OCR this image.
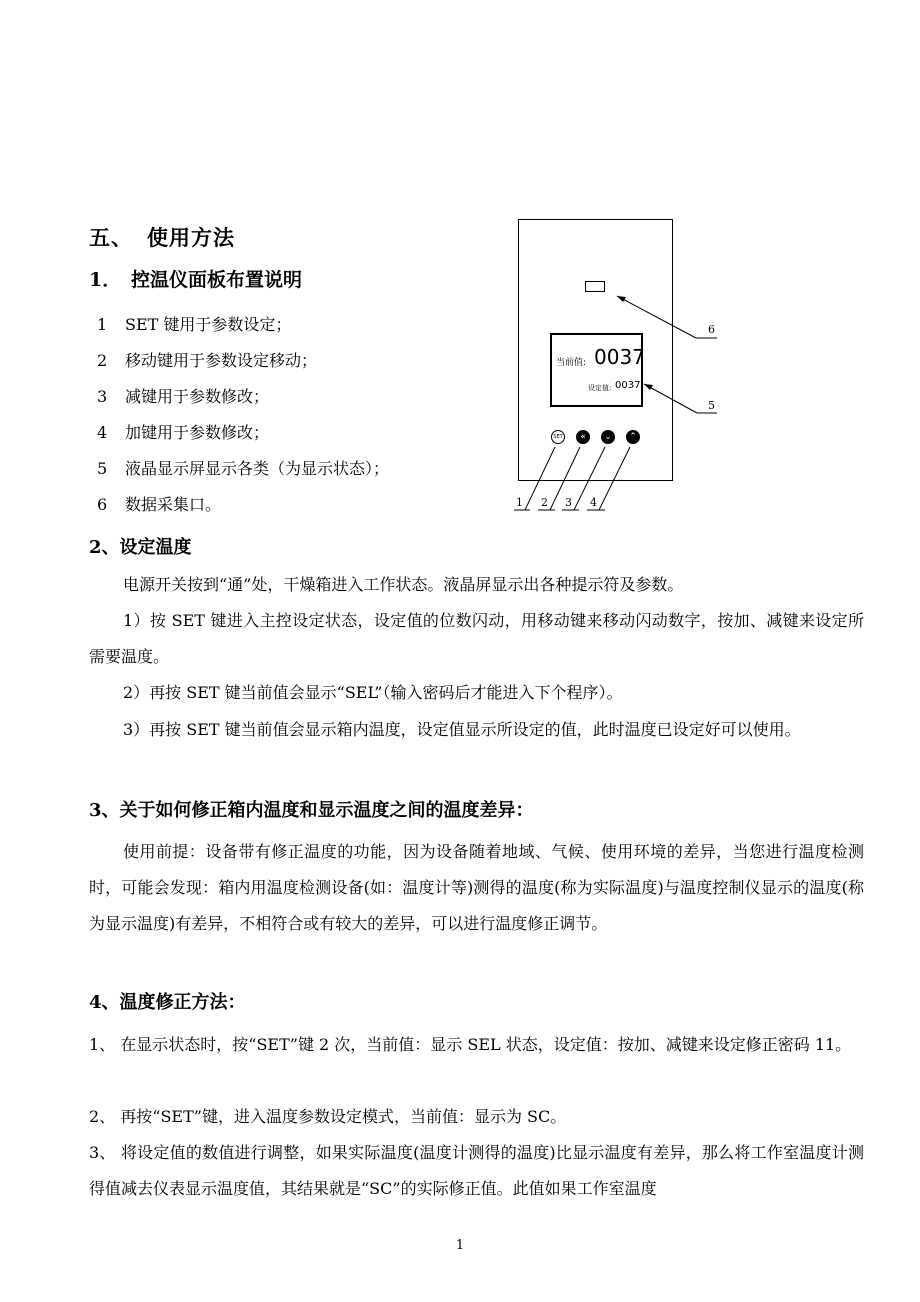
五、 使用方法
1． 控温仪面板布置说明
1 SET 键用于参数设定；
2 移动键用于参数设定移动；
3 减键用于参数修改；
4 加键用于参数修改；
5 液晶显示屏显示各类（为显示状态）；
6 数据采集口。
当前值: 0037
设定值: 0037
SET	«	⌄	⌃
6
5
1 2 3 4
2、设定温度
电源开关按到“通”处，干燥箱进入工作状态。液晶屏显示出各种提示符及参数。
1）按 SET 键进入主控设定状态，设定值的位数闪动，用移动键来移动闪动数字，按加、减键来设定所需要温度。
2）再按 SET 键当前值会显示“SEL”（输入密码后才能进入下个程序）。
3）再按 SET 键当前值会显示箱内温度，设定值显示所设定的值，此时温度已设定好可以使用。
3、关于如何修正箱内温度和显示温度之间的温度差异：
使用前提：设备带有修正温度的功能，因为设备随着地域、气候、使用环境的差异，当您进行温度检测时，可能会发现：箱内用温度检测设备(如：温度计等)测得的温度(称为实际温度)与温度控制仪显示的温度(称为显示温度)有差异，不相符合或有较大的差异，可以进行温度修正调节。
4、温度修正方法：
1、 在显示状态时，按“SET”键 2 次，当前值：显示 SEL 状态，设定值：按加、减键来设定修正密码 11。
2、 再按“SET”键，进入温度参数设定模式，当前值：显示为 SC。
3、 将设定值的数值进行调整，如果实际温度(温度计测得的温度)比显示温度有差异，那么将工作室温度计测得值减去仪表显示温度值，其结果就是“SC”的实际修正值。此值如果工作室温度
1
